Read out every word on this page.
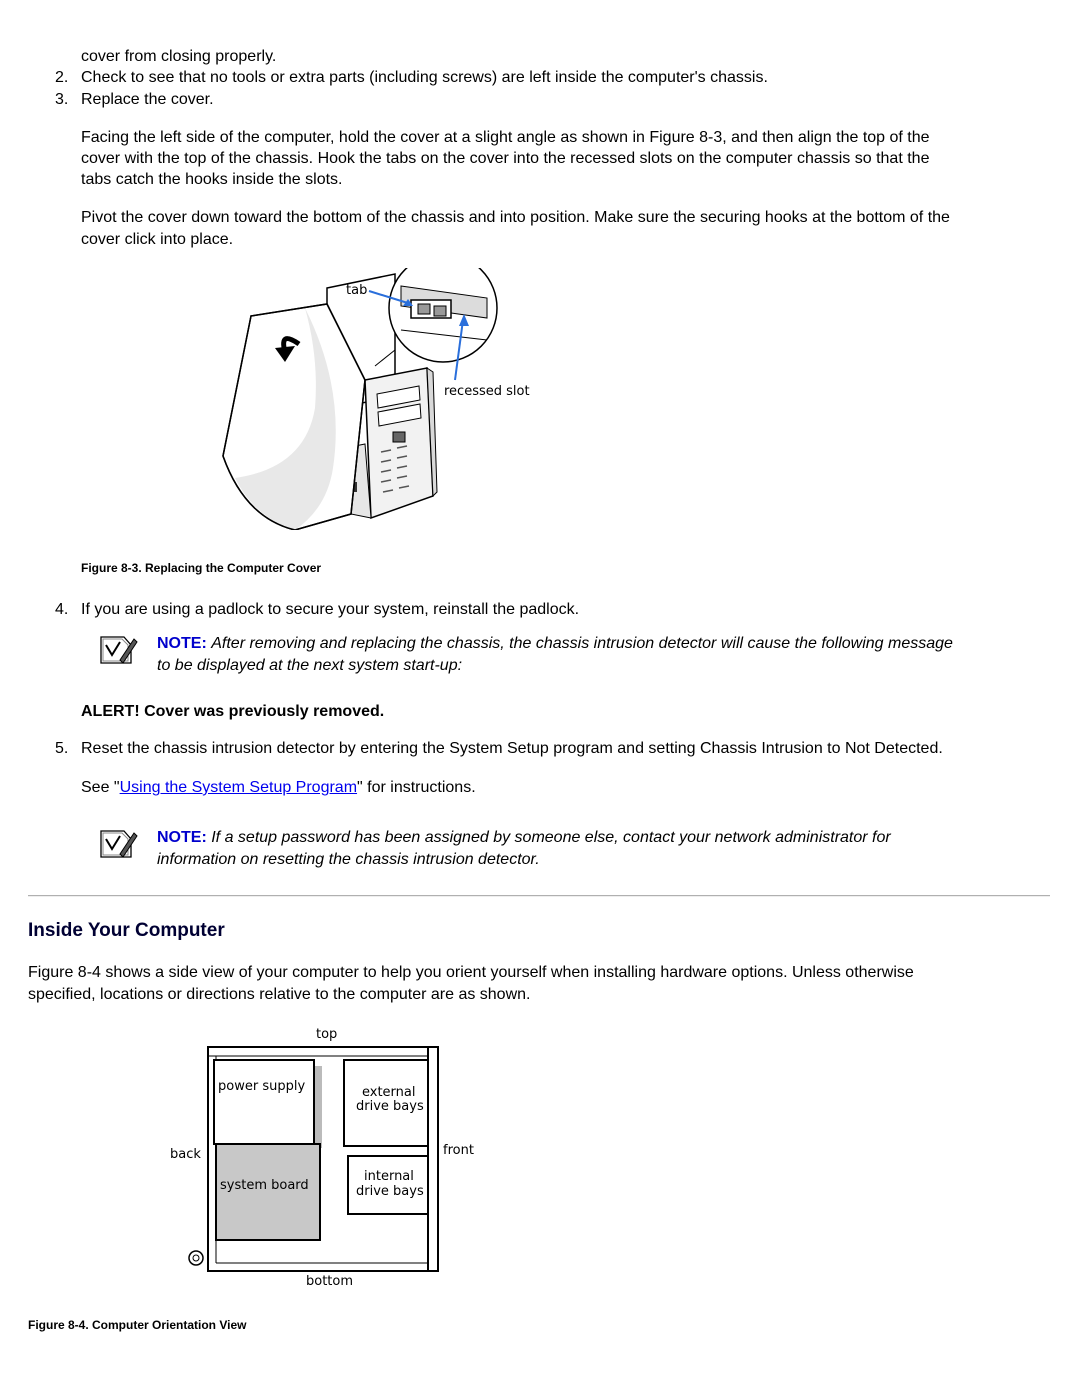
cover from closing properly.
2. Check to see that no tools or extra parts (including screws) are left inside the computer's chassis.
3. Replace the cover.
Facing the left side of the computer, hold the cover at a slight angle as shown in Figure 8-3, and then align the top of the
cover with the top of the chassis. Hook the tabs on the cover into the recessed slots on the computer chassis so that the
tabs catch the hooks inside the slots.
Pivot the cover down toward the bottom of the chassis and into position. Make sure the securing hooks at the bottom of the
cover click into place.
tab
recessed slot
Figure 8-3. Replacing the Computer Cover
4. If you are using a padlock to secure your system, reinstall the padlock.
NOTE: After removing and replacing the chassis, the chassis intrusion detector will cause the following message
to be displayed at the next system start-up:
ALERT! Cover was previously removed.
5. Reset the chassis intrusion detector by entering the System Setup program and setting Chassis Intrusion to Not Detected.
See "Using the System Setup Program" for instructions.
NOTE: If a setup password has been assigned by someone else, contact your network administrator for
information on resetting the chassis intrusion detector.
Inside Your Computer
Figure 8-4 shows a side view of your computer to help you orient yourself when installing hardware options. Unless otherwise
specified, locations or directions relative to the computer are as shown.
top
bottom
back	front
power supply
system board
external
drive bays
internal
drive bays
Figure 8-4. Computer Orientation View
